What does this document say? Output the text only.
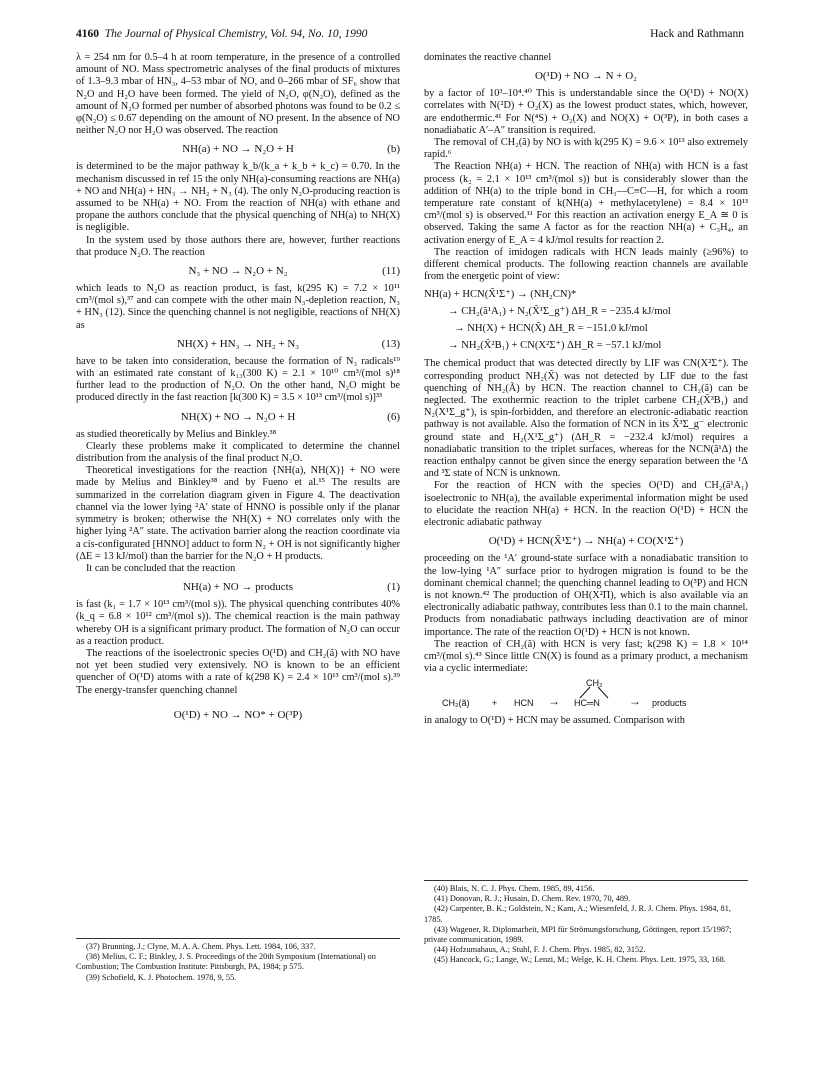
4160 The Journal of Physical Chemistry, Vol. 94, No. 10, 1990	Hack and Rathmann

λ = 254 nm for 0.5–4 h at room temperature, in the presence of a controlled amount of NO. Mass spectrometric analyses of the final products of mixtures of 1.3–9.3 mbar of HN₃, 4–53 mbar of NO, and 0–266 mbar of SF₆ show that N₂O and H₂O have been formed. The yield of N₂O, φ(N₂O), defined as the amount of N₂O formed per number of absorbed photons was found to be 0.2 ≤ φ(N₂O) ≤ 0.67 depending on the amount of NO present. In the absence of NO neither N₂O nor H₂O was observed. The reaction

NH(a) + NO → N₂O + H	(b)

is determined to be the major pathway k_b/(k_a + k_b + k_c) = 0.70. In the mechanism discussed in ref 15 the only NH(a)-consuming reactions are NH(a) + NO and NH(a) + HN₃ → NH₂ + N₃ (4). The only N₂O-producing reaction is assumed to be NH(a) + NO. From the reaction of NH(a) with ethane and propane the authors conclude that the physical quenching of NH(a) to NH(X) is negligible.

In the system used by those authors there are, however, further reactions that produce N₂O. The reaction

N₃ + NO → N₂O + N₂	(11)

which leads to N₂O as reaction product, is fast, k(295 K) = 7.2 × 10¹¹ cm³/(mol s),³⁷ and can compete with the other main N₃-depletion reaction, N₃ + HN₃ (12). Since the quenching channel is not negligible, reactions of NH(X) as

NH(X) + HN₃ → NH₂ + N₃	(13)

have to be taken into consideration, because the formation of N₃ radicals¹⁹ with an estimated rate constant of k₁₃(300 K) = 2.1 × 10¹⁰ cm³/(mol s)¹⁸ further lead to the production of N₂O. On the other hand, N₂O might be produced directly in the fast reaction [k(300 K) = 3.5 × 10¹³ cm³/(mol s)]³³

NH(X) + NO → N₂O + H	(6)

as studied theoretically by Melius and Binkley.³⁸

Clearly these problems make it complicated to determine the channel distribution from the analysis of the final product N₂O.

Theoretical investigations for the reaction {NH(a), NH(X)} + NO were made by Melius and Binkley³⁸ and by Fueno et al.¹⁵ The results are summarized in the correlation diagram given in Figure 4. The deactivation channel via the lower lying ²A′ state of HNNO is possible only if the planar symmetry is broken; otherwise the NH(X) + NO correlates only with the higher lying ²A″ state. The activation barrier along the reaction coordinate via a cis-configurated [HNNO] adduct to form N₂ + OH is not significantly higher (ΔE = 13 kJ/mol) than the barrier for the N₂O + H products.

It can be concluded that the reaction

NH(a) + NO → products	(1)

is fast (k₁ = 1.7 × 10¹³ cm³/(mol s)). The physical quenching contributes 40% (k_q = 6.8 × 10¹² cm³/(mol s)). The chemical reaction is the main pathway whereby OH is a significant primary product. The formation of N₂O can occur as a reaction product.

The reactions of the isoelectronic species O(¹D) and CH₂(ã) with NO have not yet been studied very extensively. NO is known to be an efficient quencher of O(¹D) atoms with a rate of k(298 K) = 2.4 × 10¹³ cm³/(mol s).³⁹ The energy-transfer quenching channel

O(¹D) + NO → NO* + O(³P)

dominates the reactive channel

O(¹D) + NO → N + O₂

by a factor of 10³–10⁴.⁴⁰ This is understandable since the O(¹D) + NO(X) correlates with N(²D) + O₂(X) as the lowest product states, which, however, are endothermic.⁴¹ For N(⁴S) + O₂(X) and NO(X) + O(³P), in both cases a nonadiabatic A′–A″ transition is required.

The removal of CH₂(ã) by NO is with k(295 K) = 9.6 × 10¹³ also extremely rapid.⁶

The Reaction NH(a) + HCN. The reaction of NH(a) with HCN is a fast process (k₂ = 2.1 × 10¹³ cm³/(mol s)) but is considerably slower than the addition of NH(a) to the triple bond in CH₃—C≡C—H, for which a room temperature rate constant of k(NH(a) + methylacetylene) = 8.4 × 10¹³ cm³/(mol s) is observed.¹¹ For this reaction an activation energy E_A ≅ 0 is observed. Taking the same A factor as for the reaction NH(a) + C₃H₄, an activation energy of E_A = 4 kJ/mol results for reaction 2.

The reaction of imidogen radicals with HCN leads mainly (≥96%) to different chemical products. The following reaction channels are available from the energetic point of view:

NH(a) + HCN(X̃¹Σ⁺) → (NH₂CN)*
→ CH₂(ã¹A₁) + N₂(X̃¹Σ_g⁺) ΔH_R = −235.4 kJ/mol
→ NH(X) + HCN(X̃) ΔH_R = −151.0 kJ/mol
→ NH₂(X̃²B₁) + CN(X²Σ⁺) ΔH_R = −57.1 kJ/mol

The chemical product that was detected directly by LIF was CN(X²Σ⁺). The corresponding product NH₂(X̃) was not detected by LIF due to the fast quenching of NH₂(Ã) by HCN. The reaction channel to CH₂(ã) can be neglected. The exothermic reaction to the triplet carbene CH₂(X̃³B₁) and N₂(X¹Σ_g⁺), is spin-forbidden, and therefore an electronic-adiabatic reaction pathway is not available. Also the formation of NCN in its X̃³Σ_g⁻ electronic ground state and H₂(X¹Σ_g⁺) (ΔH_R = −232.4 kJ/mol) requires a nonadiabatic transition to the triplet surfaces, whereas for the NCN(ã¹Δ) the reaction enthalpy cannot be given since the energy separation between the ¹Δ and ³Σ state of NCN is unknown.

For the reaction of HCN with the species O(¹D) and CH₂(ã¹A₁) isoelectronic to NH(a), the available experimental information might be used to elucidate the reaction NH(a) + HCN. In the reaction O(¹D) + HCN the electronic adiabatic pathway

O(¹D) + HCN(X̃¹Σ⁺) → NH(a) + CO(X¹Σ⁺)

proceeding on the ¹A′ ground-state surface with a nonadiabatic transition to the low-lying ¹A″ surface prior to hydrogen migration is found to be the dominant chemical channel; the quenching channel leading to O(³P) and HCN is not known.⁴² The production of OH(X²Π), which is also available via an electronically adiabatic pathway, contributes less than 0.1 to the main channel. Products from nonadiabatic pathways including deactivation are of minor importance. The rate of the reaction O(¹D) + HCN is not known.

The reaction of CH₂(ã) with HCN is very fast; k(298 K) = 1.8 × 10¹⁴ cm³/(mol s).⁴³ Since little CN(X) is found as a primary product, a mechanism via a cyclic intermediate:

CH₂(ã)	+ HCN →
CH₂
HC═N → products

in analogy to O(¹D) + HCN may be assumed. Comparison with

(37) Brunning, J.; Clyne, M. A. A. Chem. Phys. Lett. 1984, 106, 337.
(38) Melius, C. F.; Binkley, J. S. Proceedings of the 20th Symposium (International) on Combustion; The Combustion Institute: Pittsburgh, PA, 1984; p 575.
(39) Schofield, K. J. Photochem. 1978, 9, 55.
(40) Blais, N. C. J. Phys. Chem. 1985, 89, 4156.
(41) Donovan, R. J.; Husain, D. Chem. Rev. 1970, 70, 489.
(42) Carpenter, B. K.; Goldstein, N.; Kam, A.; Wiesenfeld, J. R. J. Chem. Phys. 1984, 81, 1785.
(43) Wagener, R. Diplomarbeit, MPI für Strömungsforschung, Göttingen, report 15/1987; private communication, 1989.
(44) Hofzumahaus, A.; Stuhl, F. J. Chem. Phys. 1985, 82, 3152.
(45) Hancock, G.; Lange, W.; Lenzi, M.; Welge, K. H. Chem. Phys. Lett. 1975, 33, 168.
